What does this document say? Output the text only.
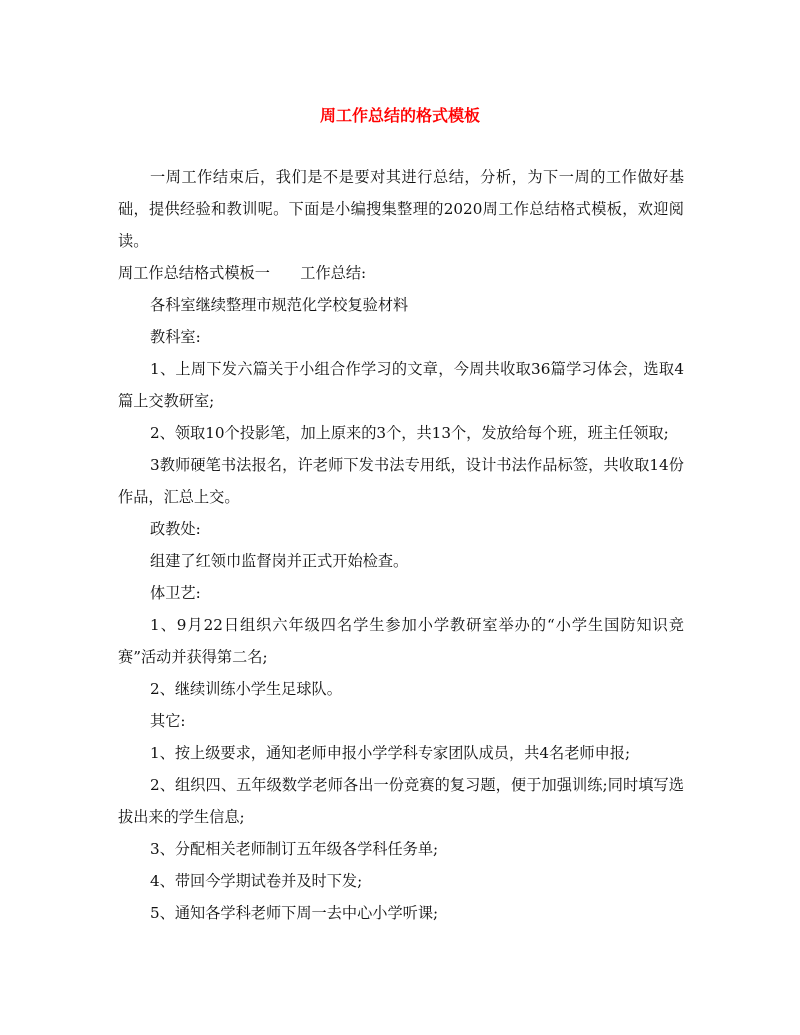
周工作总结的格式模板

一周工作结束后，我们是不是要对其进行总结，分析，为下一周的工作做好基础，提供经验和教训呢。下面是小编搜集整理的2020周工作总结格式模板，欢迎阅读。

周工作总结格式模板一　　工作总结:

各科室继续整理市规范化学校复验材料

教科室:

1、上周下发六篇关于小组合作学习的文章，今周共收取36篇学习体会，选取4篇上交教研室;

2、领取10个投影笔，加上原来的3个，共13个，发放给每个班，班主任领取;

3教师硬笔书法报名，许老师下发书法专用纸，设计书法作品标签，共收取14份作品，汇总上交。

政教处:

组建了红领巾监督岗并正式开始检查。

体卫艺:

1、9月22日组织六年级四名学生参加小学教研室举办的“小学生国防知识竞赛”活动并获得第二名;

2、继续训练小学生足球队。

其它:

1、按上级要求，通知老师申报小学学科专家团队成员，共4名老师申报;

2、组织四、五年级数学老师各出一份竞赛的复习题，便于加强训练;同时填写选拔出来的学生信息;

3、分配相关老师制订五年级各学科任务单;

4、带回今学期试卷并及时下发;

5、通知各学科老师下周一去中心小学听课;
